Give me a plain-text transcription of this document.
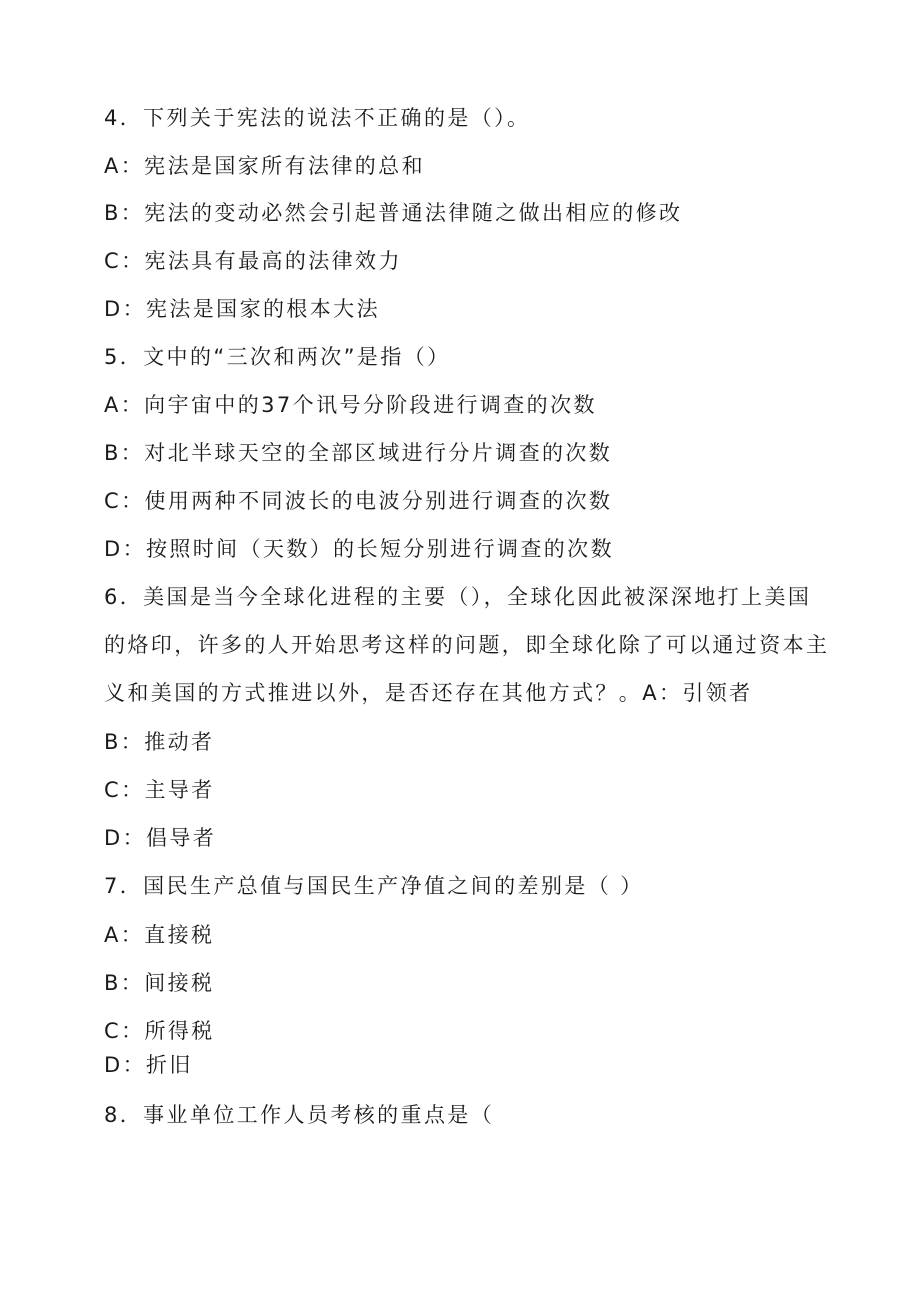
4．下列关于宪法的说法不正确的是（）。
A：宪法是国家所有法律的总和
B：宪法的变动必然会引起普通法律随之做出相应的修改
C：宪法具有最高的法律效力
D：宪法是国家的根本大法
5．文中的“三次和两次”是指（）
A：向宇宙中的37个讯号分阶段进行调查的次数
B：对北半球天空的全部区域进行分片调查的次数
C：使用两种不同波长的电波分别进行调查的次数
D：按照时间（天数）的长短分别进行调查的次数
6．美国是当今全球化进程的主要（），全球化因此被深深地打上美国
的烙印，许多的人开始思考这样的问题，即全球化除了可以通过资本主
义和美国的方式推进以外，是否还存在其他方式？。A：引领者
B：推动者
C：主导者
D：倡导者
7．国民生产总值与国民生产净值之间的差别是（ ）
A：直接税
B：间接税
C：所得税
D：折旧
8．事业单位工作人员考核的重点是（
